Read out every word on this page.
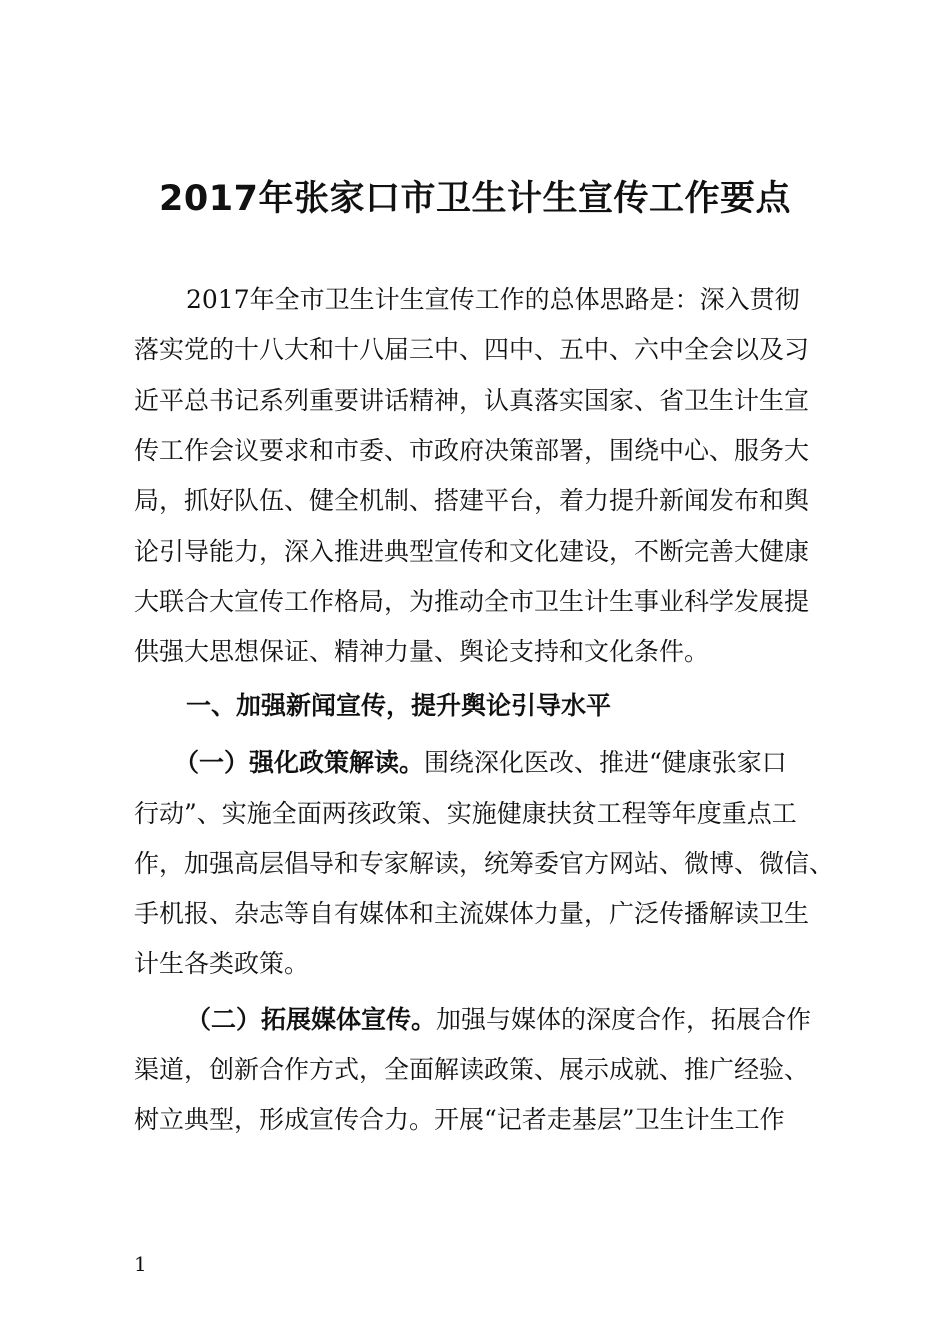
2017年张家口市卫生计生宣传工作要点
2017年全市卫生计生宣传工作的总体思路是：深入贯彻
落实党的十八大和十八届三中、四中、五中、六中全会以及习
近平总书记系列重要讲话精神，认真落实国家、省卫生计生宣
传工作会议要求和市委、市政府决策部署，围绕中心、服务大
局，抓好队伍、健全机制、搭建平台，着力提升新闻发布和舆
论引导能力，深入推进典型宣传和文化建设，不断完善大健康
大联合大宣传工作格局，为推动全市卫生计生事业科学发展提
供强大思想保证、精神力量、舆论支持和文化条件。
一、加强新闻宣传，提升舆论引导水平
（一）强化政策解读。围绕深化医改、推进“健康张家口
行动”、实施全面两孩政策、实施健康扶贫工程等年度重点工
作，加强高层倡导和专家解读，统筹委官方网站、微博、微信、
手机报、杂志等自有媒体和主流媒体力量，广泛传播解读卫生
计生各类政策。
（二）拓展媒体宣传。加强与媒体的深度合作，拓展合作
渠道，创新合作方式，全面解读政策、展示成就、推广经验、
树立典型，形成宣传合力。开展“记者走基层”卫生计生工作
1
